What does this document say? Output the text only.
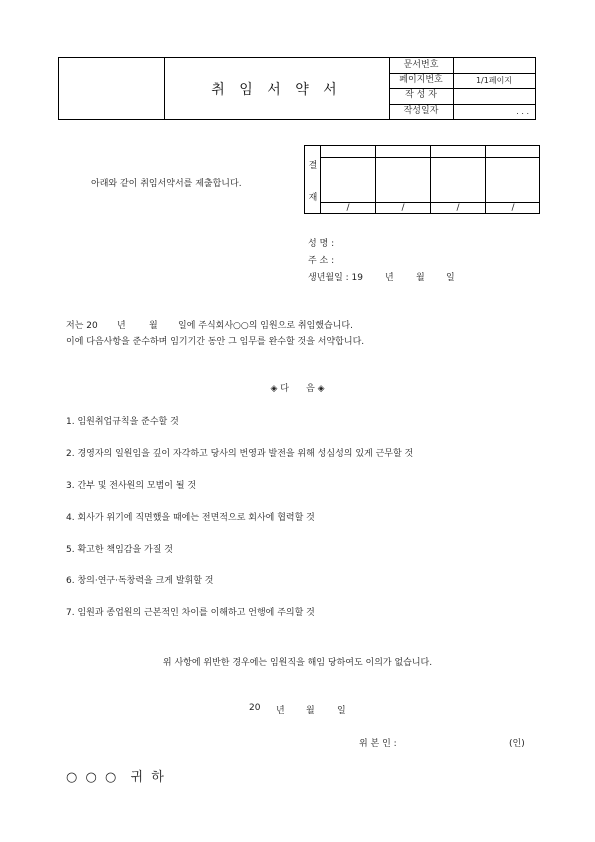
취 임 서 약 서
문서번호
페이지번호	1/1페이지
작 성 자
작성일자	. . .
아래와 같이 취임서약서를 제출합니다.
결
재
/	/	/	/
성 명 :
주 소 :
생년월일 : 19 년 월 일
저는 20 년	월 일에 주식회사○○의 임원으로 취임했습니다.
이에 다음사항을 준수하며 임기기간 동안 그 임무를 완수할 것을 서약합니다.
◈ 다      음 ◈
1. 임원취업규칙을 준수할 것
2. 경영자의 일원임을 깊이 자각하고 당사의 번영과 발전을 위해 성심성의 있게 근무할 것
3. 간부 및 전사원의 모범이 될 것
4. 회사가 위기에 직면했을 때에는 전면적으로 회사에 협력할 것
5. 확고한 책임감을 가질 것
6. 창의·연구·독창력을 크게 발휘할 것
7. 임원과 종업원의 근본적인 차이를 이해하고 언행에 주의할 것
위 사항에 위반한 경우에는 임원직을 해임 당하여도 이의가 없습니다.
20 년 월 일
위 본 인 :	(인)
○ ○ ○  귀 하
